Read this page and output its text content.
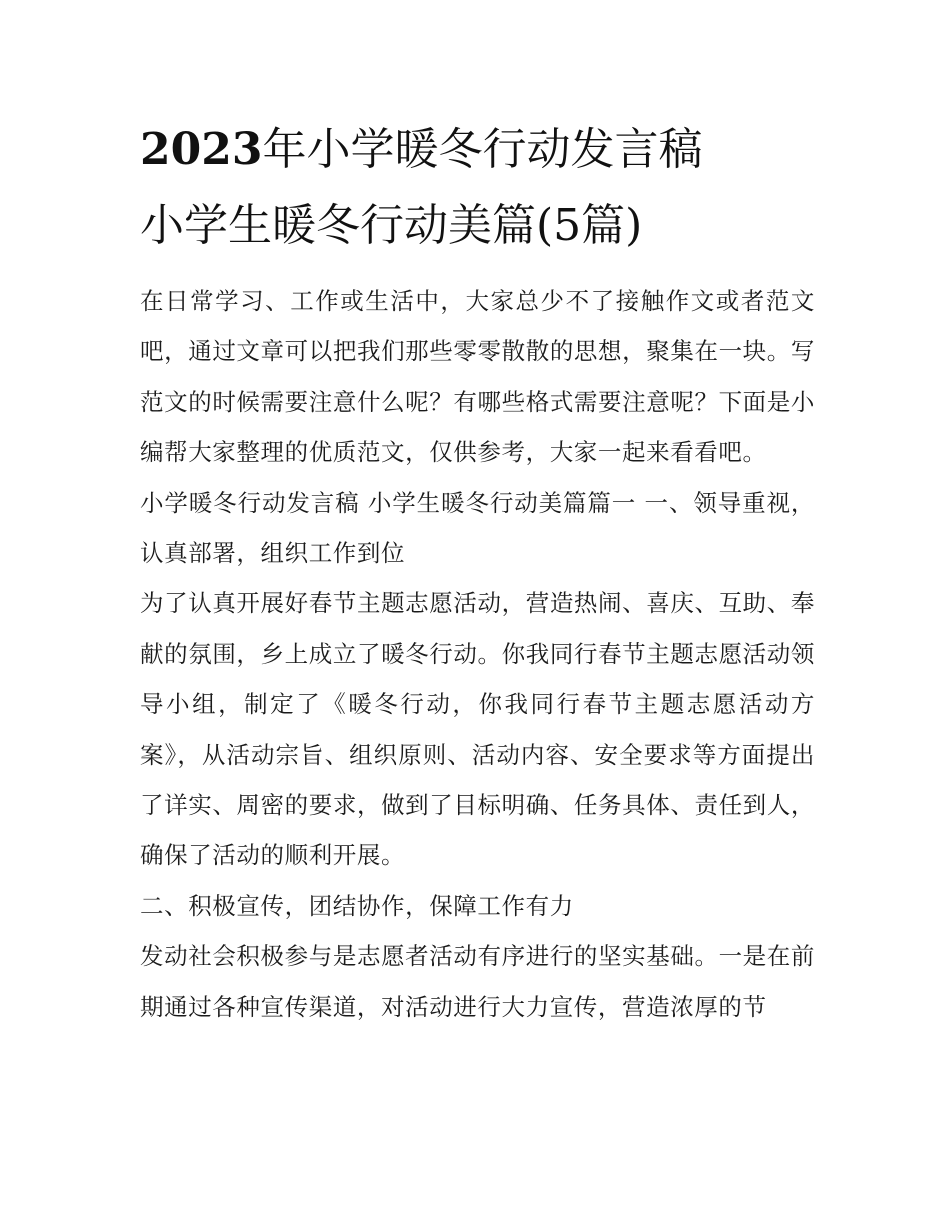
2023年小学暖冬行动发言稿
小学生暖冬行动美篇(5篇)

在日常学习、工作或生活中，大家总少不了接触作文或者范文吧，通过文章可以把我们那些零零散散的思想，聚集在一块。写范文的时候需要注意什么呢？有哪些格式需要注意呢？下面是小编帮大家整理的优质范文，仅供参考，大家一起来看看吧。

小学暖冬行动发言稿 小学生暖冬行动美篇篇一 一、领导重视，认真部署，组织工作到位

为了认真开展好春节主题志愿活动，营造热闹、喜庆、互助、奉献的氛围，乡上成立了暖冬行动。你我同行春节主题志愿活动领导小组，制定了《暖冬行动，你我同行春节主题志愿活动方案》，从活动宗旨、组织原则、活动内容、安全要求等方面提出了详实、周密的要求，做到了目标明确、任务具体、责任到人，确保了活动的顺利开展。

二、积极宣传，团结协作，保障工作有力

发动社会积极参与是志愿者活动有序进行的坚实基础。一是在前期通过各种宣传渠道，对活动进行大力宣传，营造浓厚的节
